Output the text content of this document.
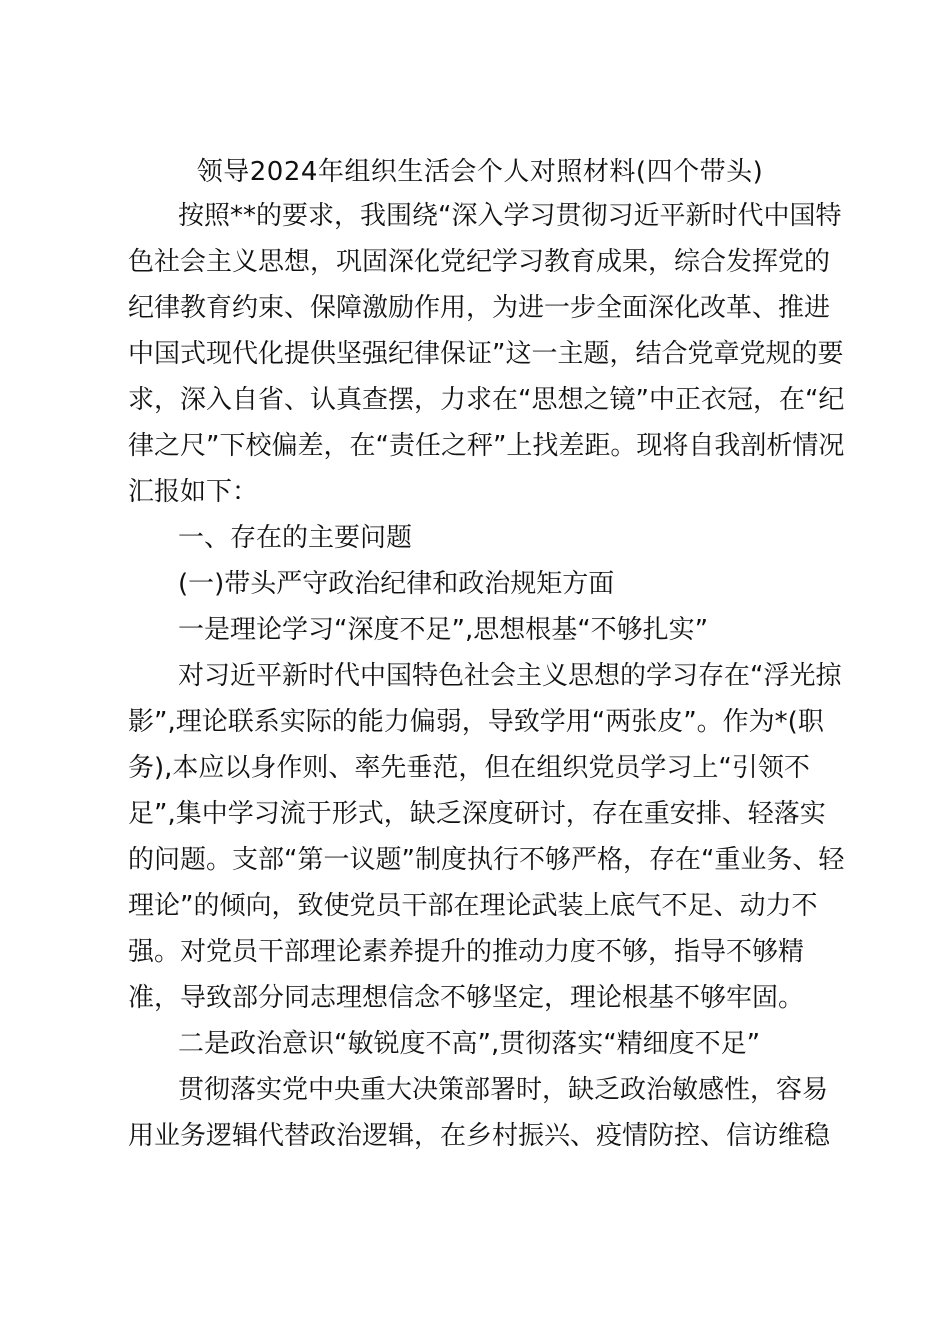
领导2024年组织生活会个人对照材料(四个带头)

按照**的要求，我围绕“深入学习贯彻习近平新时代中国特

色社会主义思想，巩固深化党纪学习教育成果，综合发挥党的

纪律教育约束、保障激励作用，为进一步全面深化改革、推进

中国式现代化提供坚强纪律保证”这一主题，结合党章党规的要

求，深入自省、认真查摆，力求在“思想之镜”中正衣冠，在“纪

律之尺”下校偏差，在“责任之秤”上找差距。现将自我剖析情况

汇报如下：

一、存在的主要问题

(一)带头严守政治纪律和政治规矩方面

一是理论学习“深度不足”,思想根基“不够扎实”

对习近平新时代中国特色社会主义思想的学习存在“浮光掠

影”,理论联系实际的能力偏弱，导致学用“两张皮”。作为*(职

务),本应以身作则、率先垂范，但在组织党员学习上“引领不

足”,集中学习流于形式，缺乏深度研讨，存在重安排、轻落实

的问题。支部“第一议题”制度执行不够严格，存在“重业务、轻

理论”的倾向，致使党员干部在理论武装上底气不足、动力不

强。对党员干部理论素养提升的推动力度不够，指导不够精

准，导致部分同志理想信念不够坚定，理论根基不够牢固。

二是政治意识“敏锐度不高”,贯彻落实“精细度不足”

贯彻落实党中央重大决策部署时，缺乏政治敏感性，容易

用业务逻辑代替政治逻辑，在乡村振兴、疫情防控、信访维稳
